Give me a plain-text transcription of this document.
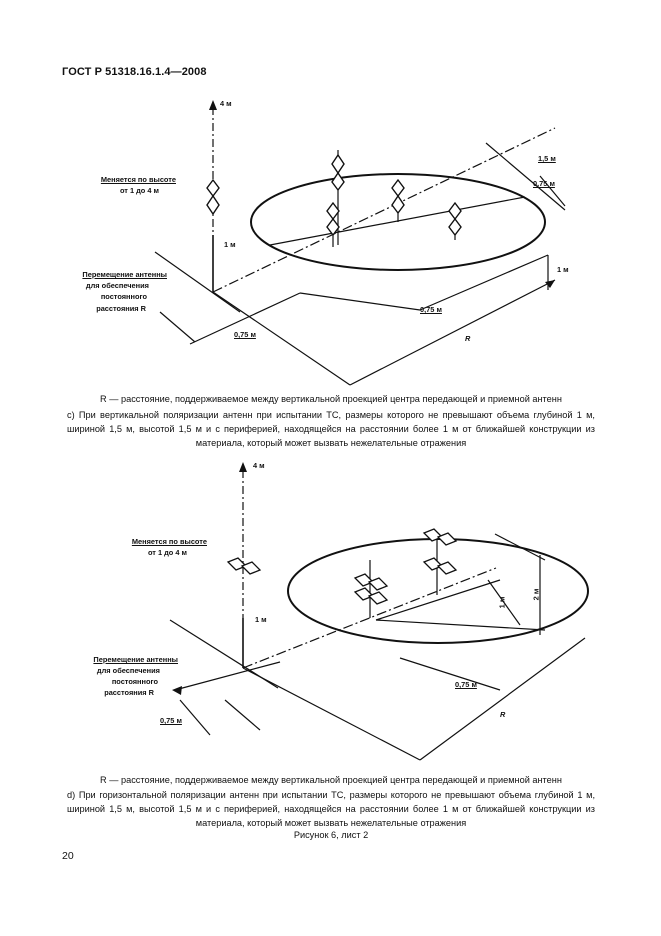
ГОСТ Р 51318.16.1.4—2008
4 м
1 м
Меняется по высоте
от 1 до 4 м
Перемещение антенны
для обеспечения
постоянного
расстояния R
1,5 м
0,75 м
1 м
0,75 м
0,75 м	R
R — расстояние, поддерживаемое между вертикальной проекцией центра передающей и приемной антенн
с) При вертикальной поляризации антенн при испытании ТС, размеры которого не превышают объема глубиной 1 м, шириной 1,5 м, высотой 1,5 м и с периферией, находящейся на расстоянии более 1 м от ближайшей конструкции из материала, который может вызвать нежелательные отражения
4 м
1 м
Меняется по высоте
от 1 до 4 м
Перемещение антенны
для обеспечения
постоянного
расстояния R
1 м
2 м
0,75 м
0,75 м
R
R — расстояние, поддерживаемое между вертикальной проекцией центра передающей и приемной антенн
d) При горизонтальной поляризации антенн при испытании ТС, размеры которого не превышают объема глубиной 1 м, шириной 1,5 м, высотой 1,5 м и с периферией, находящейся на расстоянии более 1 м от ближайшей конструкции из материала, который может вызвать нежелательные отражения
Рисунок 6, лист 2
20
